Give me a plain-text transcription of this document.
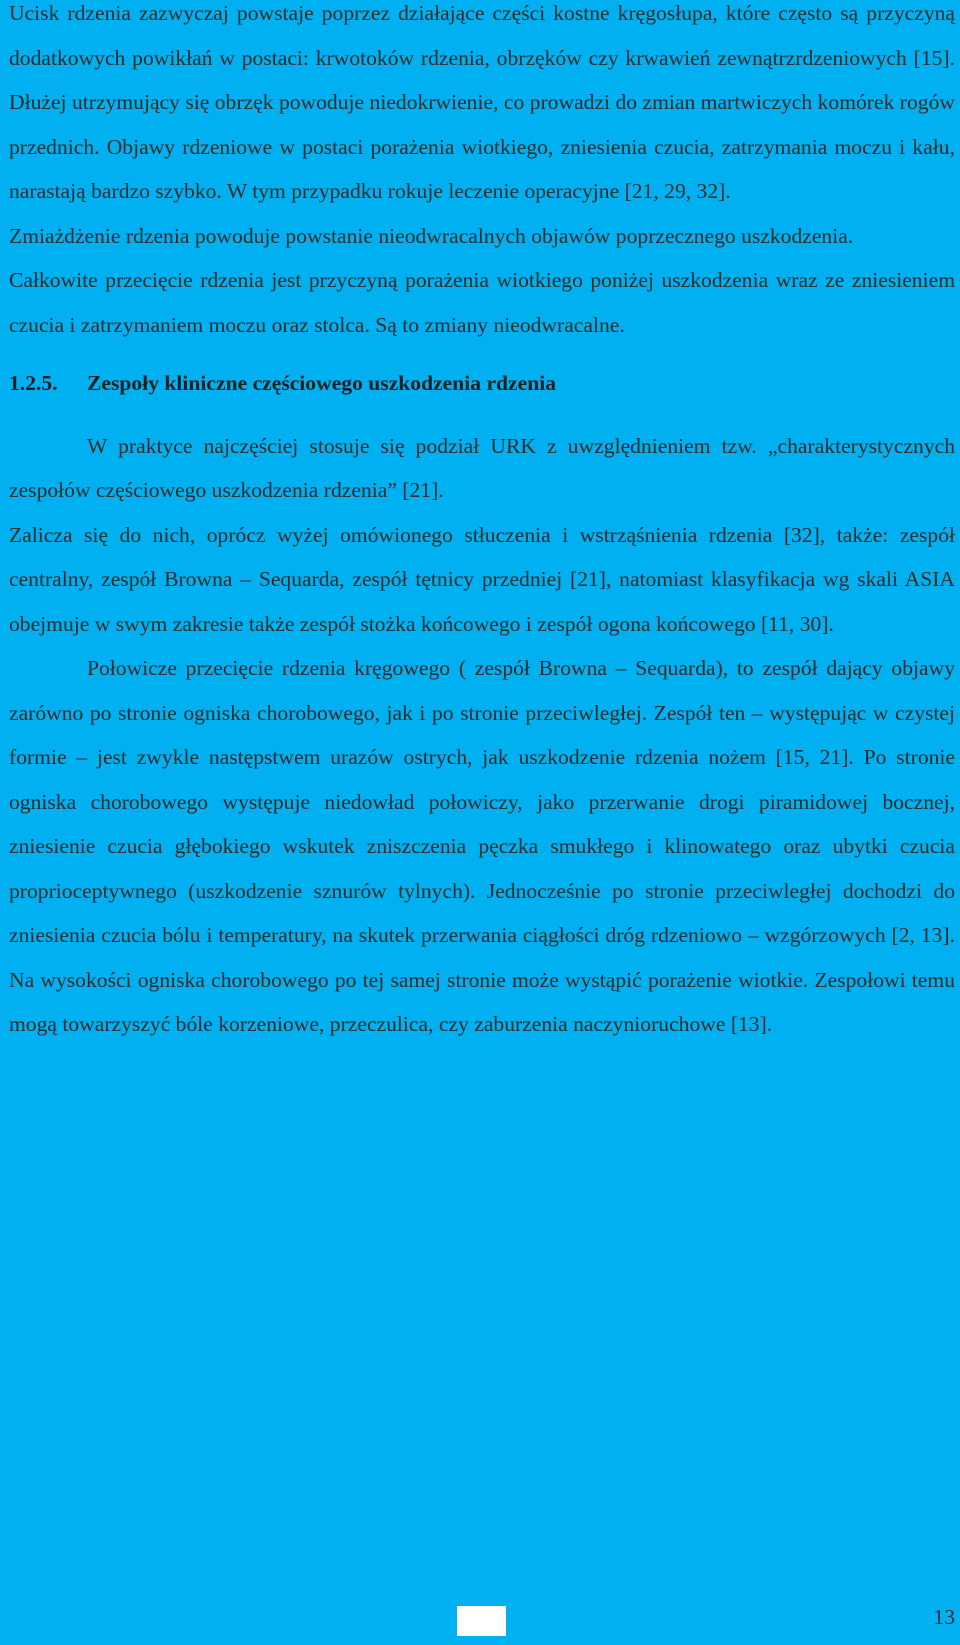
Ucisk rdzenia zazwyczaj powstaje poprzez działające części kostne kręgosłupa, które często są przyczyną dodatkowych powikłań w postaci: krwotoków rdzenia, obrzęków czy krwawień zewnątrzrdzeniowych [15]. Dłużej utrzymujący się obrzęk powoduje niedokrwienie, co prowadzi do zmian martwiczych komórek rogów przednich. Objawy rdzeniowe w postaci porażenia wiotkiego, zniesienia czucia, zatrzymania moczu i kału, narastają bardzo szybko. W tym przypadku rokuje leczenie operacyjne [21, 29, 32].

Zmiażdżenie rdzenia powoduje powstanie nieodwracalnych objawów poprzecznego uszkodzenia.

Całkowite przecięcie rdzenia jest przyczyną porażenia wiotkiego poniżej uszkodzenia wraz ze zniesieniem czucia i zatrzymaniem moczu oraz stolca. Są to zmiany nieodwracalne.

1.2.5. Zespoły kliniczne częściowego uszkodzenia rdzenia

W praktyce najczęściej stosuje się podział URK z uwzględnieniem tzw. „charakterystycznych zespołów częściowego uszkodzenia rdzenia” [21].

Zalicza się do nich, oprócz wyżej omówionego stłuczenia i wstrząśnienia rdzenia [32], także: zespół centralny, zespół Browna – Sequarda, zespół tętnicy przedniej [21], natomiast klasyfikacja wg skali ASIA obejmuje w swym zakresie także zespół stożka końcowego i zespół ogona końcowego [11, 30].

Połowicze przecięcie rdzenia kręgowego ( zespół Browna – Sequarda), to zespół dający objawy zarówno po stronie ogniska chorobowego, jak i po stronie przeciwległej. Zespół ten – występując w czystej formie – jest zwykle następstwem urazów ostrych, jak uszkodzenie rdzenia nożem [15, 21]. Po stronie ogniska chorobowego występuje niedowład połowiczy, jako przerwanie drogi piramidowej bocznej, zniesienie czucia głębokiego wskutek zniszczenia pęczka smukłego i klinowatego oraz ubytki czucia proprioceptywnego (uszkodzenie sznurów tylnych). Jednocześnie po stronie przeciwległej dochodzi do zniesienia czucia bólu i temperatury, na skutek przerwania ciągłości dróg rdzeniowo – wzgórzowych [2, 13]. Na wysokości ogniska chorobowego po tej samej stronie może wystąpić porażenie wiotkie. Zespołowi temu mogą towarzyszyć bóle korzeniowe, przeczulica, czy zaburzenia naczynioruchowe [13].

13
